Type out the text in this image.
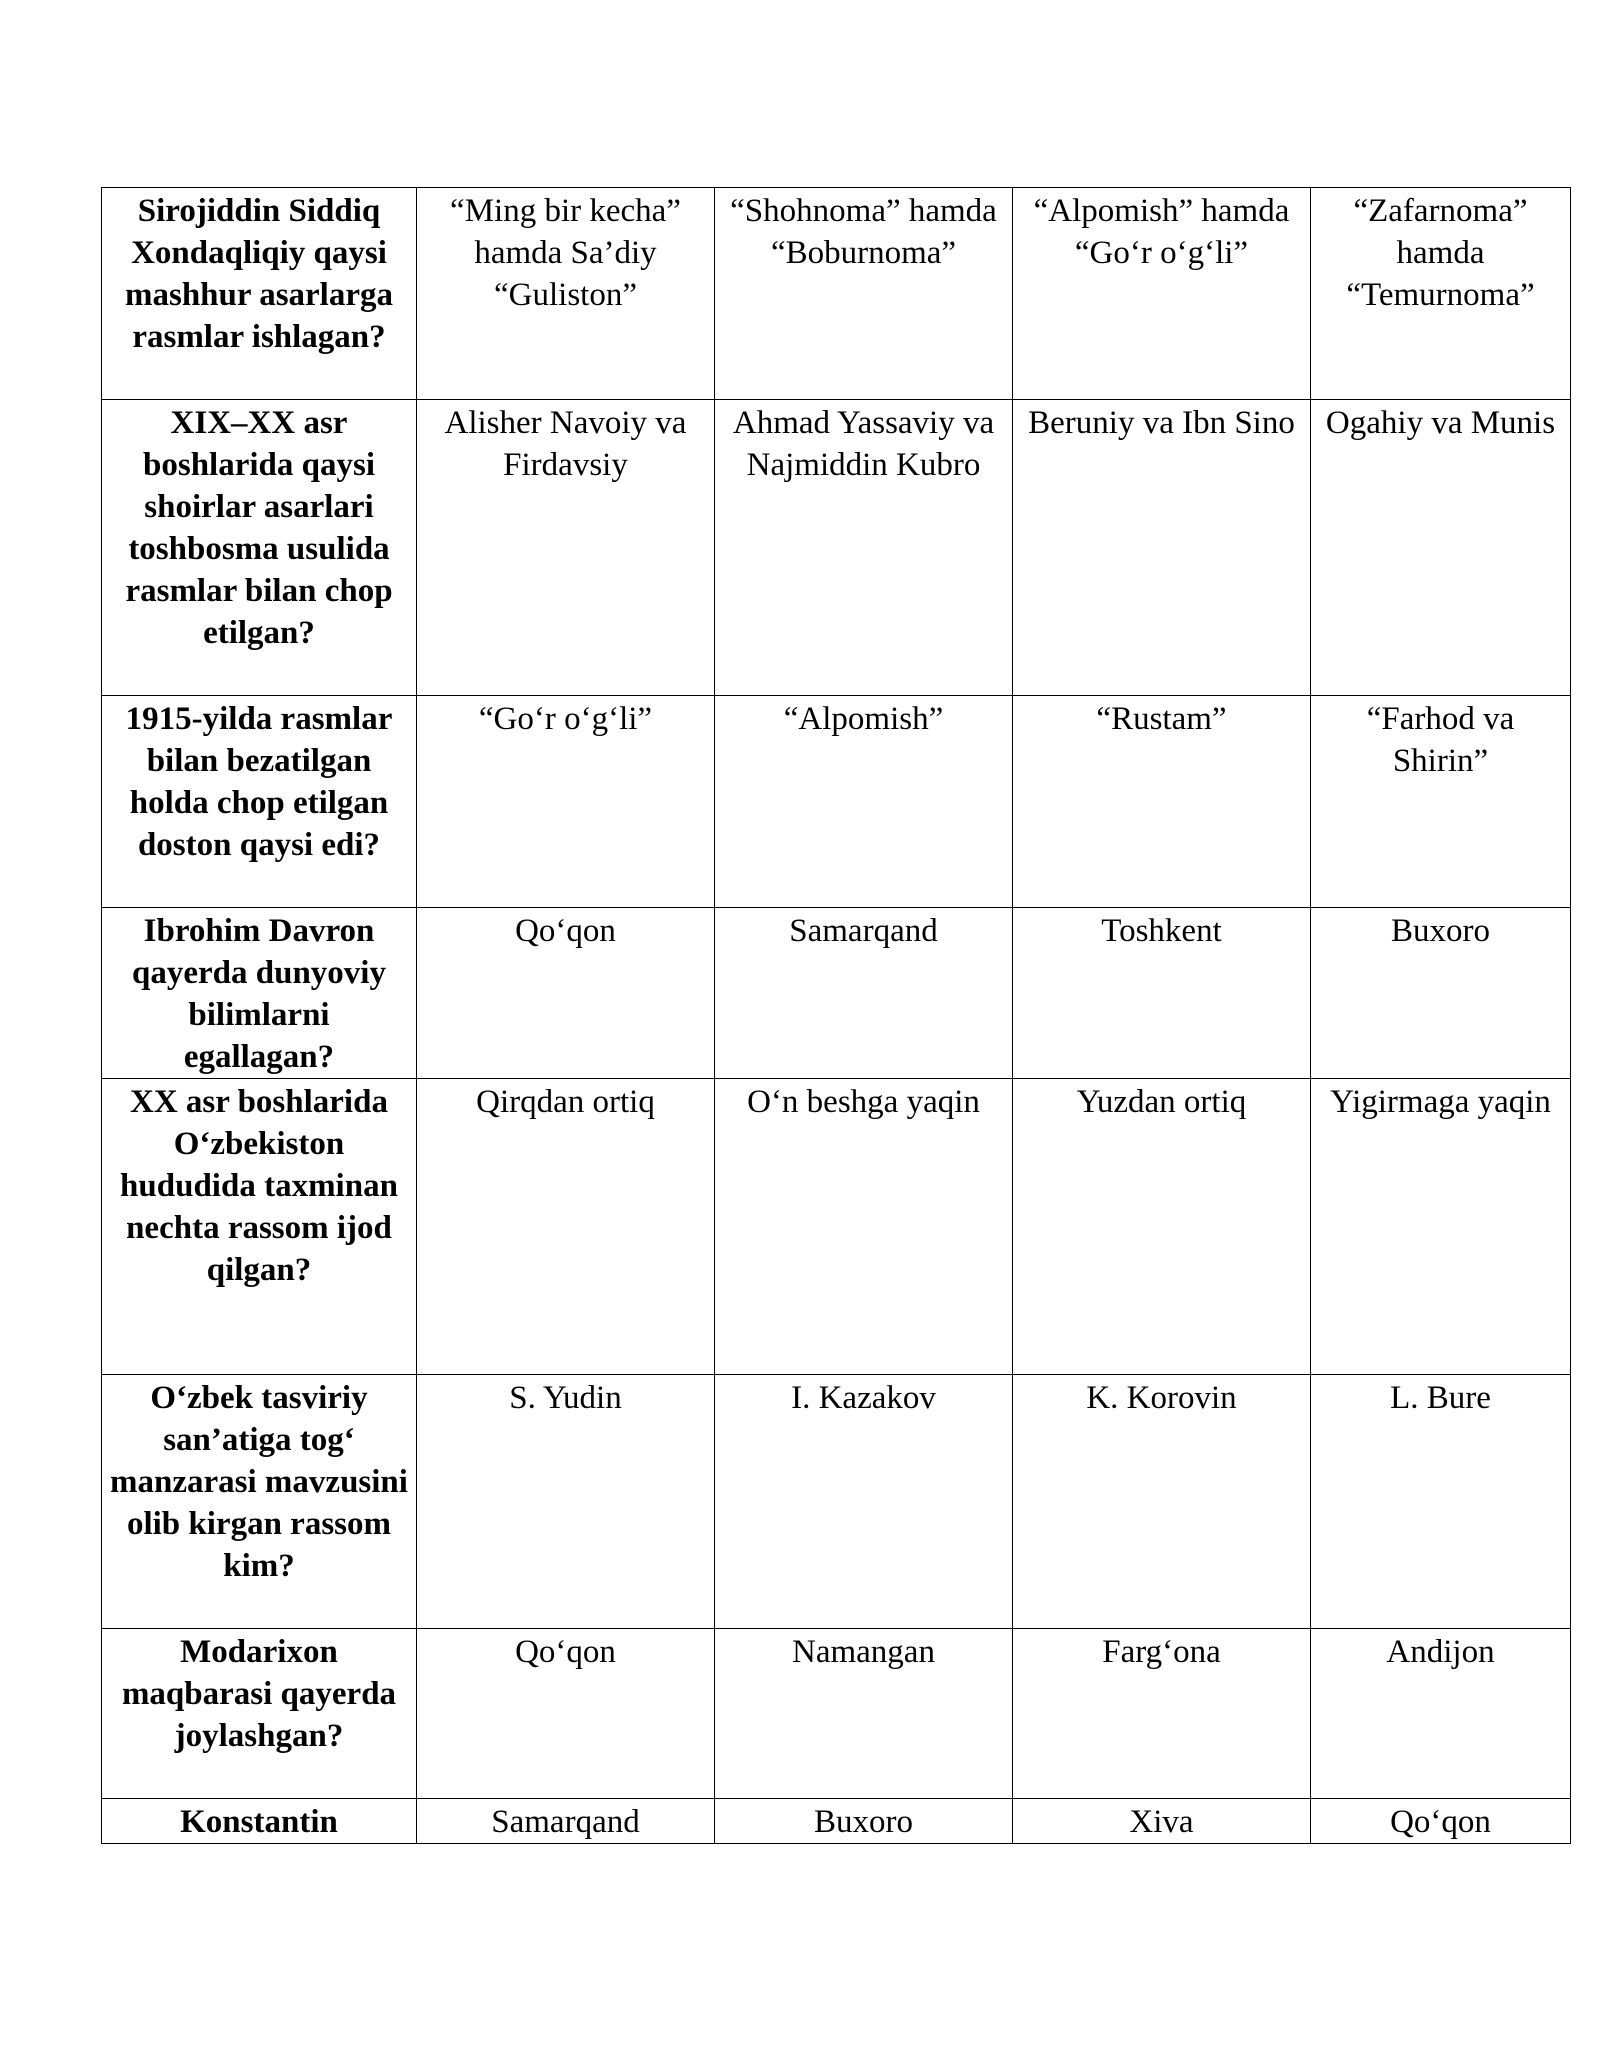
Sirojiddin Siddiq Xondaqliqiy qaysi mashhur asarlarga rasmlar ishlagan?	“Ming bir kecha” hamda Sa’diy “Guliston”	“Shohnoma” hamda “Boburnoma”	“Alpomish” hamda “Go‘r o‘g‘li”	“Zafarnoma” hamda “Temurnoma”
XIX–XX asr boshlarida qaysi shoirlar asarlari toshbosma usulida rasmlar bilan chop etilgan?	Alisher Navoiy va Firdavsiy	Ahmad Yassaviy va Najmiddin Kubro	Beruniy va Ibn Sino	Ogahiy va Munis
1915-yilda rasmlar bilan bezatilgan holda chop etilgan doston qaysi edi?	“Go‘r o‘g‘li”	“Alpomish”	“Rustam”	“Farhod va Shirin”
Ibrohim Davron qayerda dunyoviy bilimlarni egallagan?	Qo‘qon	Samarqand	Toshkent	Buxoro
XX asr boshlarida O‘zbekiston hududida taxminan nechta rassom ijod qilgan?	Qirqdan ortiq	O‘n beshga yaqin	Yuzdan ortiq	Yigirmaga yaqin
O‘zbek tasviriy san’atiga tog‘ manzarasi mavzusini olib kirgan rassom kim?	S. Yudin	I. Kazakov	K. Korovin	L. Bure
Modarixon maqbarasi qayerda joylashgan?	Qo‘qon	Namangan	Farg‘ona	Andijon
Konstantin	Samarqand	Buxoro	Xiva	Qo‘qon
